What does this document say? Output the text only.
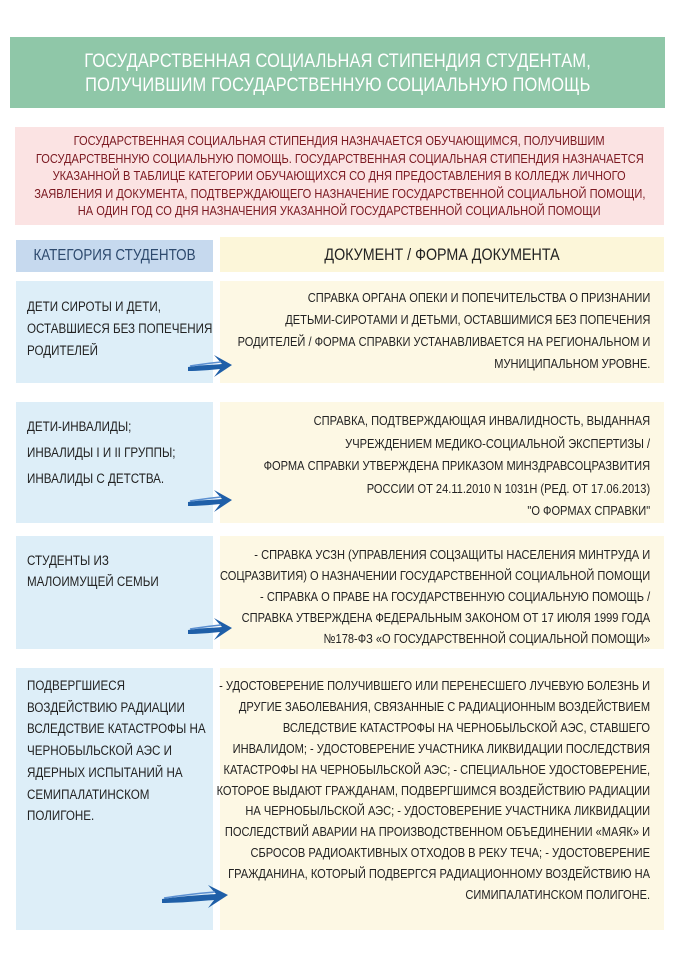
ГОСУДАРСТВЕННАЯ СОЦИАЛЬНАЯ СТИПЕНДИЯ СТУДЕНТАМ,
ПОЛУЧИВШИМ ГОСУДАРСТВЕННУЮ СОЦИАЛЬНУЮ ПОМОЩЬ
ГОСУДАРСТВЕННАЯ СОЦИАЛЬНАЯ СТИПЕНДИЯ НАЗНАЧАЕТСЯ ОБУЧАЮЩИМСЯ, ПОЛУЧИВШИМ
ГОСУДАРСТВЕННУЮ СОЦИАЛЬНУЮ ПОМОЩЬ. ГОСУДАРСТВЕННАЯ СОЦИАЛЬНАЯ СТИПЕНДИЯ НАЗНАЧАЕТСЯ
УКАЗАННОЙ В ТАБЛИЦЕ КАТЕГОРИИ ОБУЧАЮЩИХСЯ СО ДНЯ ПРЕДОСТАВЛЕНИЯ В КОЛЛЕДЖ ЛИЧНОГО
ЗАЯВЛЕНИЯ И ДОКУМЕНТА, ПОДТВЕРЖДАЮЩЕГО НАЗНАЧЕНИЕ ГОСУДАРСТВЕННОЙ СОЦИАЛЬНОЙ ПОМОЩИ,
НА ОДИН ГОД СО ДНЯ НАЗНАЧЕНИЯ УКАЗАННОЙ ГОСУДАРСТВЕННОЙ СОЦИАЛЬНОЙ ПОМОЩИ
КАТЕГОРИЯ СТУДЕНТОВ	ДОКУМЕНТ / ФОРМА ДОКУМЕНТА
ДЕТИ СИРОТЫ И ДЕТИ,
ОСТАВШИЕСЯ БЕЗ ПОПЕЧЕНИЯ
РОДИТЕЛЕЙ
СПРАВКА ОРГАНА ОПЕКИ И ПОПЕЧИТЕЛЬСТВА О ПРИЗНАНИИ
ДЕТЬМИ-СИРОТАМИ И ДЕТЬМИ, ОСТАВШИМИСЯ БЕЗ ПОПЕЧЕНИЯ
РОДИТЕЛЕЙ / ФОРМА СПРАВКИ УСТАНАВЛИВАЕТСЯ НА РЕГИОНАЛЬНОМ И
МУНИЦИПАЛЬНОМ УРОВНЕ.
ДЕТИ-ИНВАЛИДЫ;
ИНВАЛИДЫ I И II ГРУППЫ;
ИНВАЛИДЫ С ДЕТСТВА.
СПРАВКА, ПОДТВЕРЖДАЮЩАЯ ИНВАЛИДНОСТЬ, ВЫДАННАЯ
УЧРЕЖДЕНИЕМ МЕДИКО-СОЦИАЛЬНОЙ ЭКСПЕРТИЗЫ /
ФОРМА СПРАВКИ УТВЕРЖДЕНА ПРИКАЗОМ МИНЗДРАВСОЦРАЗВИТИЯ
РОССИИ ОТ 24.11.2010 N 1031Н (РЕД. ОТ 17.06.2013)
"О ФОРМАХ СПРАВКИ"
СТУДЕНТЫ ИЗ
МАЛОИМУЩЕЙ СЕМЬИ
- СПРАВКА УСЗН (УПРАВЛЕНИЯ СОЦЗАЩИТЫ НАСЕЛЕНИЯ МИНТРУДА И
СОЦРАЗВИТИЯ) О НАЗНАЧЕНИИ ГОСУДАРСТВЕННОЙ СОЦИАЛЬНОЙ ПОМОЩИ
- СПРАВКА О ПРАВЕ НА ГОСУДАРСТВЕННУЮ СОЦИАЛЬНУЮ ПОМОЩЬ /
СПРАВКА УТВЕРЖДЕНА ФЕДЕРАЛЬНЫМ ЗАКОНОМ ОТ 17 ИЮЛЯ 1999 ГОДА
№178-ФЗ «О ГОСУДАРСТВЕННОЙ СОЦИАЛЬНОЙ ПОМОЩИ»
ПОДВЕРГШИЕСЯ
ВОЗДЕЙСТВИЮ РАДИАЦИИ
ВСЛЕДСТВИЕ КАТАСТРОФЫ НА
ЧЕРНОБЫЛЬСКОЙ АЭС И
ЯДЕРНЫХ ИСПЫТАНИЙ НА
СЕМИПАЛАТИНСКОМ
ПОЛИГОНЕ.
- УДОСТОВЕРЕНИЕ ПОЛУЧИВШЕГО ИЛИ ПЕРЕНЕСШЕГО ЛУЧЕВУЮ БОЛЕЗНЬ И
ДРУГИЕ ЗАБОЛЕВАНИЯ, СВЯЗАННЫЕ С РАДИАЦИОННЫМ ВОЗДЕЙСТВИЕМ
ВСЛЕДСТВИЕ КАТАСТРОФЫ НА ЧЕРНОБЫЛЬСКОЙ АЭС, СТАВШЕГО
ИНВАЛИДОМ; - УДОСТОВЕРЕНИЕ УЧАСТНИКА ЛИКВИДАЦИИ ПОСЛЕДСТВИЯ
КАТАСТРОФЫ НА ЧЕРНОБЫЛЬСКОЙ АЭС; - СПЕЦИАЛЬНОЕ УДОСТОВЕРЕНИЕ,
КОТОРОЕ ВЫДАЮТ ГРАЖДАНАМ, ПОДВЕРГШИМСЯ ВОЗДЕЙСТВИЮ РАДИАЦИИ
НА ЧЕРНОБЫЛЬСКОЙ АЭС; - УДОСТОВЕРЕНИЕ УЧАСТНИКА ЛИКВИДАЦИИ
ПОСЛЕДСТВИЙ АВАРИИ НА ПРОИЗВОДСТВЕННОМ ОБЪЕДИНЕНИИ «МАЯК» И
СБРОСОВ РАДИОАКТИВНЫХ ОТХОДОВ В РЕКУ ТЕЧА; - УДОСТОВЕРЕНИЕ
ГРАЖДАНИНА, КОТОРЫЙ ПОДВЕРГСЯ РАДИАЦИОННОМУ ВОЗДЕЙСТВИЮ НА
СИМИПАЛАТИНСКОМ ПОЛИГОНЕ.
